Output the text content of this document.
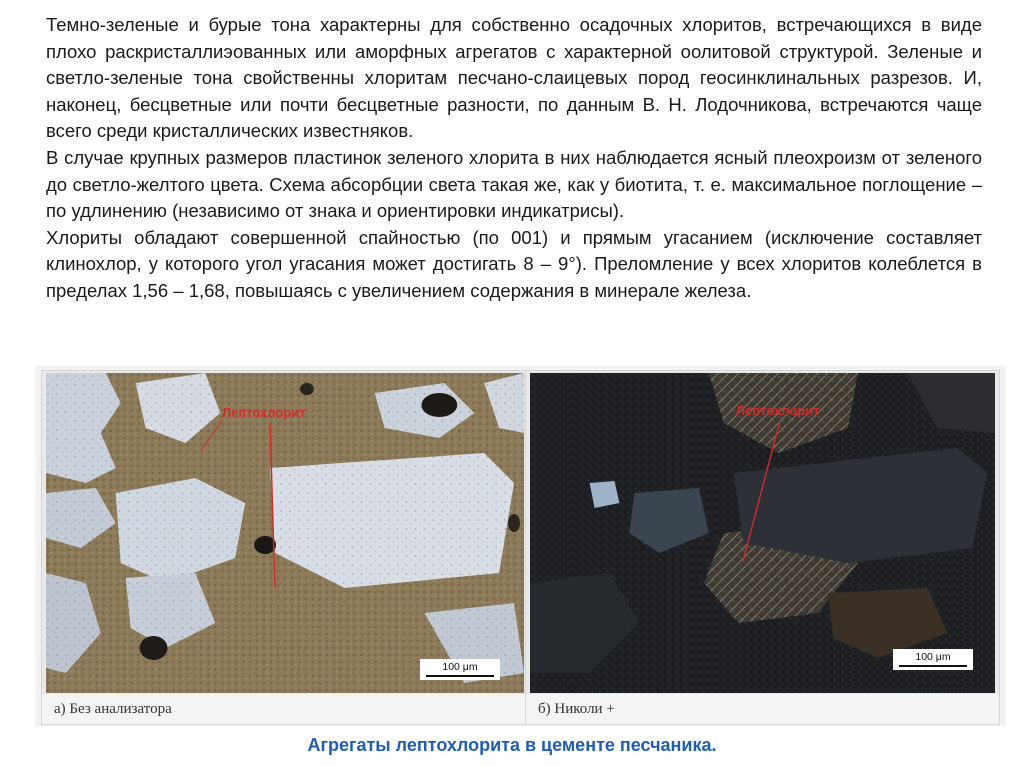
Темно-зеленые и бурые тона характерны для собственно осадочных хлоритов, встречающихся в виде плохо раскристаллиэованных или аморфных агрегатов с характерной оолитовой структурой. Зеленые и светло-зеленые тона свойственны хлоритам песчано-слаицевых пород геосинклинальных разрезов. И, наконец, бесцветные или почти бесцветные разности, по данным В. Н. Лодочникова, встречаются чаще всего среди кристаллических известняков.

В случае крупных размеров пластинок зеленого хлорита в них наблюдается ясный плеохроизм от зеленого до светло-желтого цвета. Схема абсорбции света такая же, как у биотита, т. е. максимальное поглощение – по удлинению (независимо от знака и ориентировки индикатрисы).

Хлориты обладают совершенной спайностью (по 001) и прямым угасанием (исключение составляет клинохлор, у которого угол угасания может достигать 8 – 9°). Преломление у всех хлоритов колеблется в пределах 1,56 – 1,68, повышаясь с увеличением содержания в минерале железа.

Лептохлорит
100 μm
а) Без анализатора
Лептохлорит
100 μm
б) Николи +
Агрегаты лептохлорита в цементе песчаника.
